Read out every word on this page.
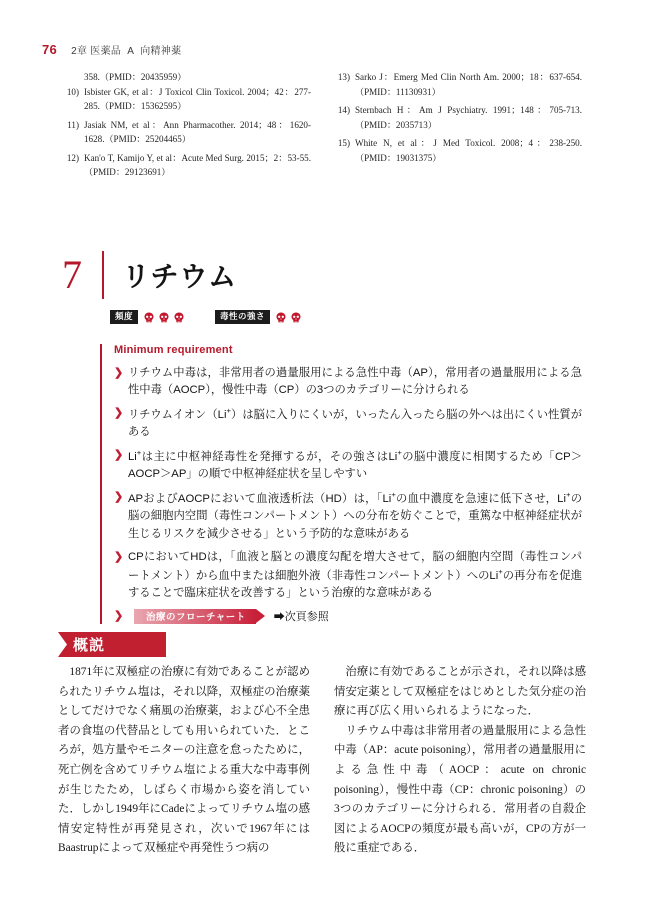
76 2章 医薬品 A 向精神薬
358.（PMID：20435959）
10) Isbister GK, et al：J Toxicol Clin Toxicol. 2004；42：277-285.（PMID：15362595）
11) Jasiak NM, et al：Ann Pharmacother. 2014；48：1620-1628.（PMID：25204465）
12) Kan'o T, Kamijo Y, et al：Acute Med Surg. 2015；2：53-55.（PMID：29123691）
13) Sarko J：Emerg Med Clin North Am. 2000；18：637-654.（PMID：11130931）
14) Sternbach H：Am J Psychiatry. 1991；148：705-713.（PMID：2035713）
15) White N, et al：J Med Toxicol. 2008；4：238-250.（PMID：19031375）
7	リチウム
頻度	毒性の強さ
Minimum requirement
❯ リチウム中毒は，非常用者の過量服用による急性中毒（AP），常用者の過量服用による急性中毒（AOCP），慢性中毒（CP）の3つのカテゴリーに分けられる
❯ リチウムイオン（Li+）は脳に入りにくいが，いったん入ったら脳の外へは出にくい性質がある
❯ Li+は主に中枢神経毒性を発揮するが，その強さはLi+の脳中濃度に相関するため「CP＞AOCP＞AP」の順で中枢神経症状を呈しやすい
❯ APおよびAOCPにおいて血液透析法（HD）は，「Li+の血中濃度を急速に低下させ，Li+の脳の細胞内空間（毒性コンパートメント）への分布を妨ぐことで，重篤な中枢神経症状が生じるリスクを減少させる」という予防的な意味がある
❯ CPにおいてHDは，「血液と脳との濃度勾配を増大させて，脳の細胞内空間（毒性コンパートメント）から血中または細胞外液（非毒性コンパートメント）へのLi+の再分布を促進することで臨床症状を改善する」という治療的な意味がある
❯	治療のフローチャート	➡次頁参照
概説

1871年に双極症の治療に有効であることが認められたリチウム塩は，それ以降，双極症の治療薬としてだけでなく痛風の治療薬，および心不全患者の食塩の代替品としても用いられていた．ところが，処方量やモニターの注意を怠ったために，死亡例を含めてリチウム塩による重大な中毒事例が生じたため，しばらく市場から姿を消していた．しかし1949年にCadeによってリチウム塩の感情安定特性が再発見され，次いで1967年にはBaastrupによって双極症や再発性うつ病の

治療に有効であることが示され，それ以降は感情安定薬として双極症をはじめとした気分症の治療に再び広く用いられるようになった．

リチウム中毒は非常用者の過量服用による急性中毒（AP：acute poisoning），常用者の過量服用による急性中毒（AOCP：acute on chronic poisoning），慢性中毒（CP：chronic poisoning）の3つのカテゴリーに分けられる．常用者の自殺企図によるAOCPの頻度が最も高いが，CPの方が一般に重症である．
